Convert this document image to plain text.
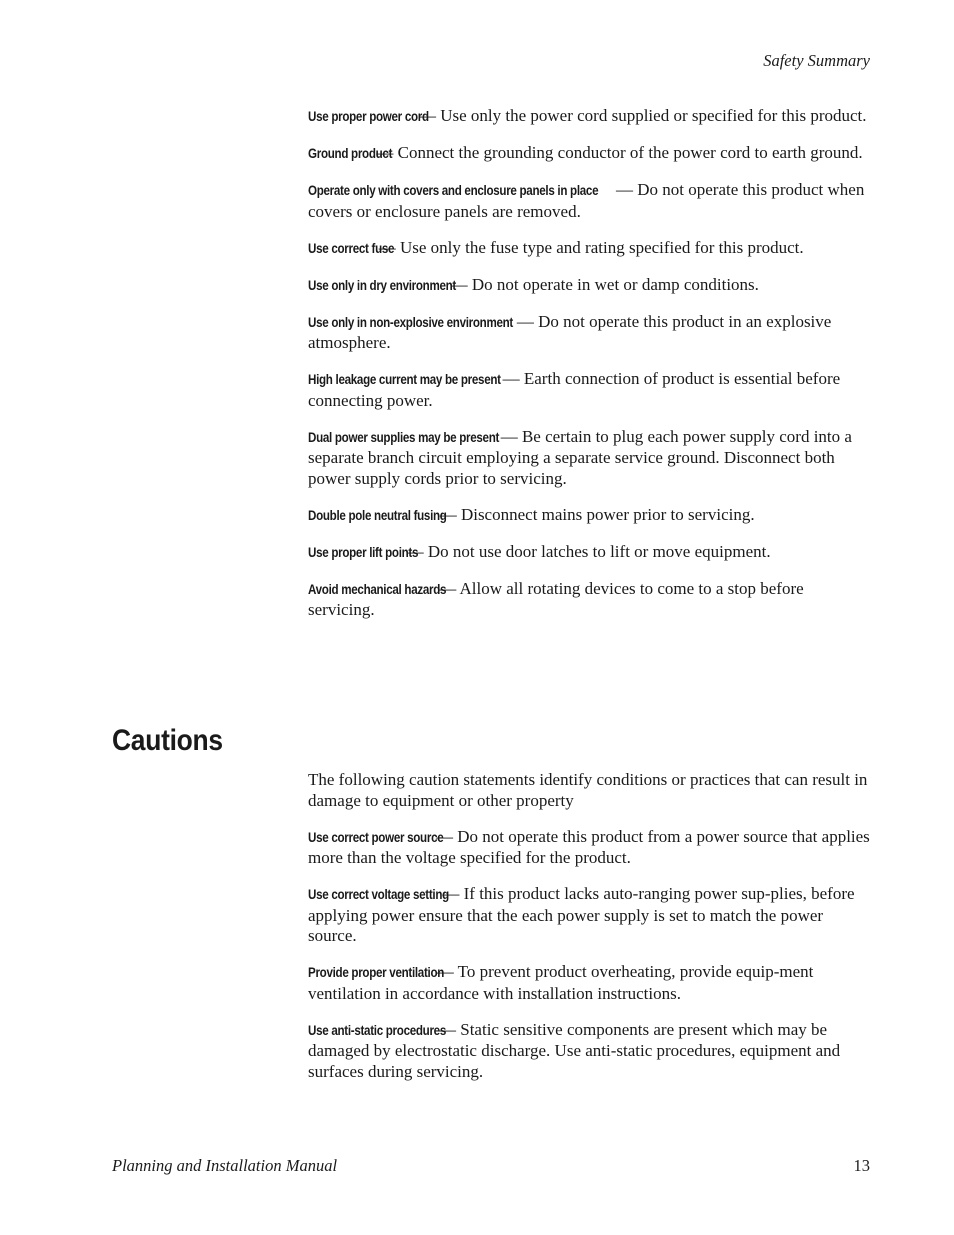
Safety Summary

Use proper power cord — Use only the power cord supplied or specified for this product.

Ground product — Connect the grounding conductor of the power cord to earth ground.

Operate only with covers and enclosure panels in place — Do not operate this product when covers or enclosure panels are removed.

Use correct fuse — Use only the fuse type and rating specified for this product.

Use only in dry environment — Do not operate in wet or damp conditions.

Use only in non-explosive environment — Do not operate this product in an explosive atmosphere.

High leakage current may be present — Earth connection of product is essential before connecting power.

Dual power supplies may be present — Be certain to plug each power supply cord into a separate branch circuit employing a separate service ground. Disconnect both power supply cords prior to servicing.

Double pole neutral fusing — Disconnect mains power prior to servicing.

Use proper lift points — Do not use door latches to lift or move equipment.

Avoid mechanical hazards — Allow all rotating devices to come to a stop before servicing.

Cautions

The following caution statements identify conditions or practices that can result in damage to equipment or other property

Use correct power source — Do not operate this product from a power source that applies more than the voltage specified for the product.

Use correct voltage setting — If this product lacks auto-ranging power sup-plies, before applying power ensure that the each power supply is set to match the power source.

Provide proper ventilation — To prevent product overheating, provide equip-ment ventilation in accordance with installation instructions.

Use anti-static procedures — Static sensitive components are present which may be damaged by electrostatic discharge. Use anti-static procedures, equipment and surfaces during servicing.

Planning and Installation Manual	13
